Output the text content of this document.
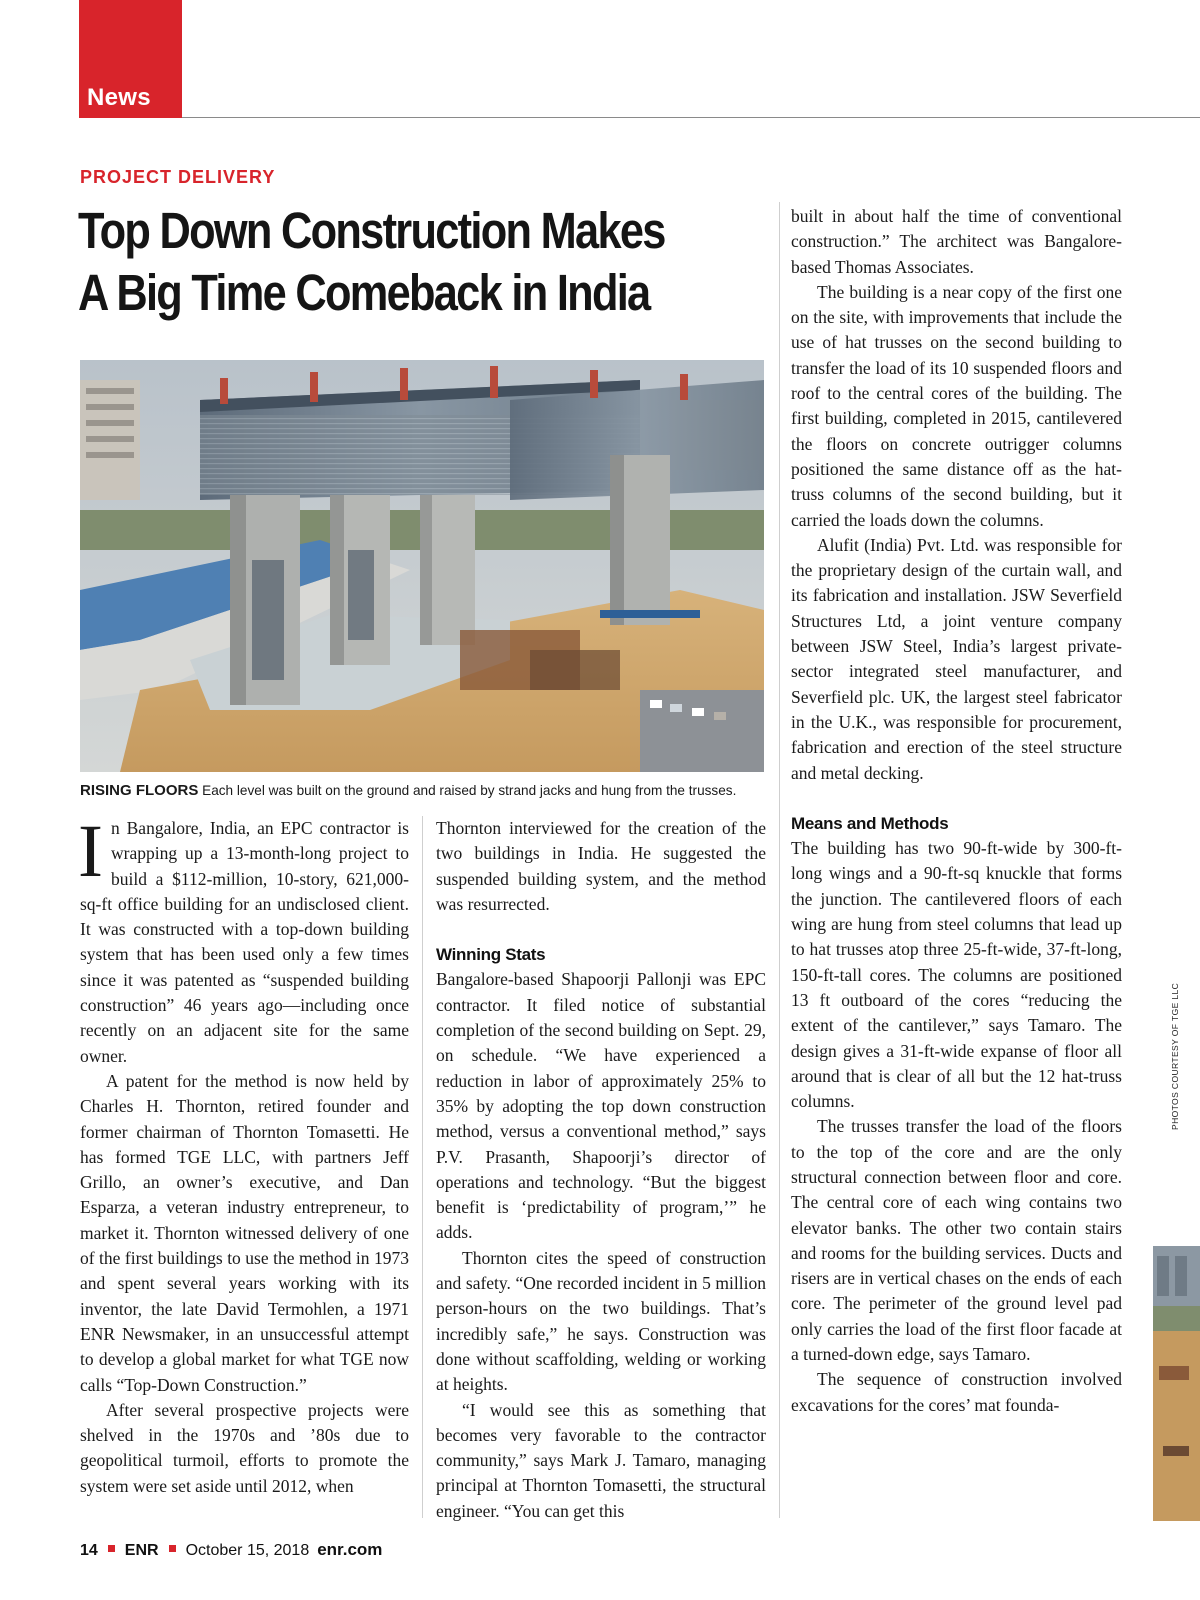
News
PROJECT DELIVERY
Top Down Construction Makes
A Big Time Comeback in India

RISING FLOORS Each level was built on the ground and raised by strand jacks and hung from the trusses.

In Bangalore, India, an EPC contractor is wrapping up a 13-month-long project to build a $112-million, 10-story, 621,000-sq-ft office building for an undisclosed client. It was constructed with a top-down building system that has been used only a few times since it was patented as “suspended building construction” 46 years ago—including once recently on an adjacent site for the same owner.

A patent for the method is now held by Charles H. Thornton, retired founder and former chairman of Thornton Tomasetti. He has formed TGE LLC, with partners Jeff Grillo, an owner’s executive, and Dan Esparza, a veteran industry entrepreneur, to market it. Thornton witnessed delivery of one of the first buildings to use the method in 1973 and spent several years working with its inventor, the late David Termohlen, a 1971 ENR Newsmaker, in an unsuccessful attempt to develop a global market for what TGE now calls “Top-Down Construction.”

After several prospective projects were shelved in the 1970s and ’80s due to geopolitical turmoil, efforts to promote the system were set aside until 2012, when

Thornton interviewed for the creation of the two buildings in India. He suggested the suspended building system, and the method was resurrected.

Winning Stats

Bangalore-based Shapoorji Pallonji was EPC contractor. It filed notice of substantial completion of the second building on Sept. 29, on schedule. “We have experienced a reduction in labor of approximately 25% to 35% by adopting the top down construction method, versus a conventional method,” says P.V. Prasanth, Shapoorji’s director of operations and technology. “But the biggest benefit is ‘predictability of program,’” he adds.

Thornton cites the speed of construction and safety. “One recorded incident in 5 million person-hours on the two buildings. That’s incredibly safe,” he says. Construction was done without scaffolding, welding or working at heights.

“I would see this as something that becomes very favorable to the contractor community,” says Mark J. Tamaro, managing principal at Thornton Tomasetti, the structural engineer. “You can get this

built in about half the time of conventional construction.” The architect was Bangalore-based Thomas Associates.

The building is a near copy of the first one on the site, with improvements that include the use of hat trusses on the second building to transfer the load of its 10 suspended floors and roof to the central cores of the building. The first building, completed in 2015, cantilevered the floors on concrete outrigger columns positioned the same distance off as the hat-truss columns of the second building, but it carried the loads down the columns.

Alufit (India) Pvt. Ltd. was responsible for the proprietary design of the curtain wall, and its fabrication and installation. JSW Severfield Structures Ltd, a joint venture company between JSW Steel, India’s largest private-sector integrated steel manufacturer, and Severfield plc. UK, the largest steel fabricator in the U.K., was responsible for procurement, fabrication and erection of the steel structure and metal decking.

Means and Methods

The building has two 90-ft-wide by 300-ft-long wings and a 90-ft-sq knuckle that forms the junction. The cantilevered floors of each wing are hung from steel columns that lead up to hat trusses atop three 25-ft-wide, 37-ft-long, 150-ft-tall cores. The columns are positioned 13 ft outboard of the cores “reducing the extent of the cantilever,” says Tamaro. The design gives a 31-ft-wide expanse of floor all around that is clear of all but the 12 hat-truss columns.

The trusses transfer the load of the floors to the top of the core and are the only structural connection between floor and core. The central core of each wing contains two elevator banks. The other two contain stairs and rooms for the building services. Ducts and risers are in vertical chases on the ends of each core. The perimeter of the ground level pad only carries the load of the first floor facade at a turned-down edge, says Tamaro.

The sequence of construction involved excavations for the cores’ mat founda-

PHOTOS COURTESY OF TGE LLC
14 ENR October 15, 2018 enr.com
